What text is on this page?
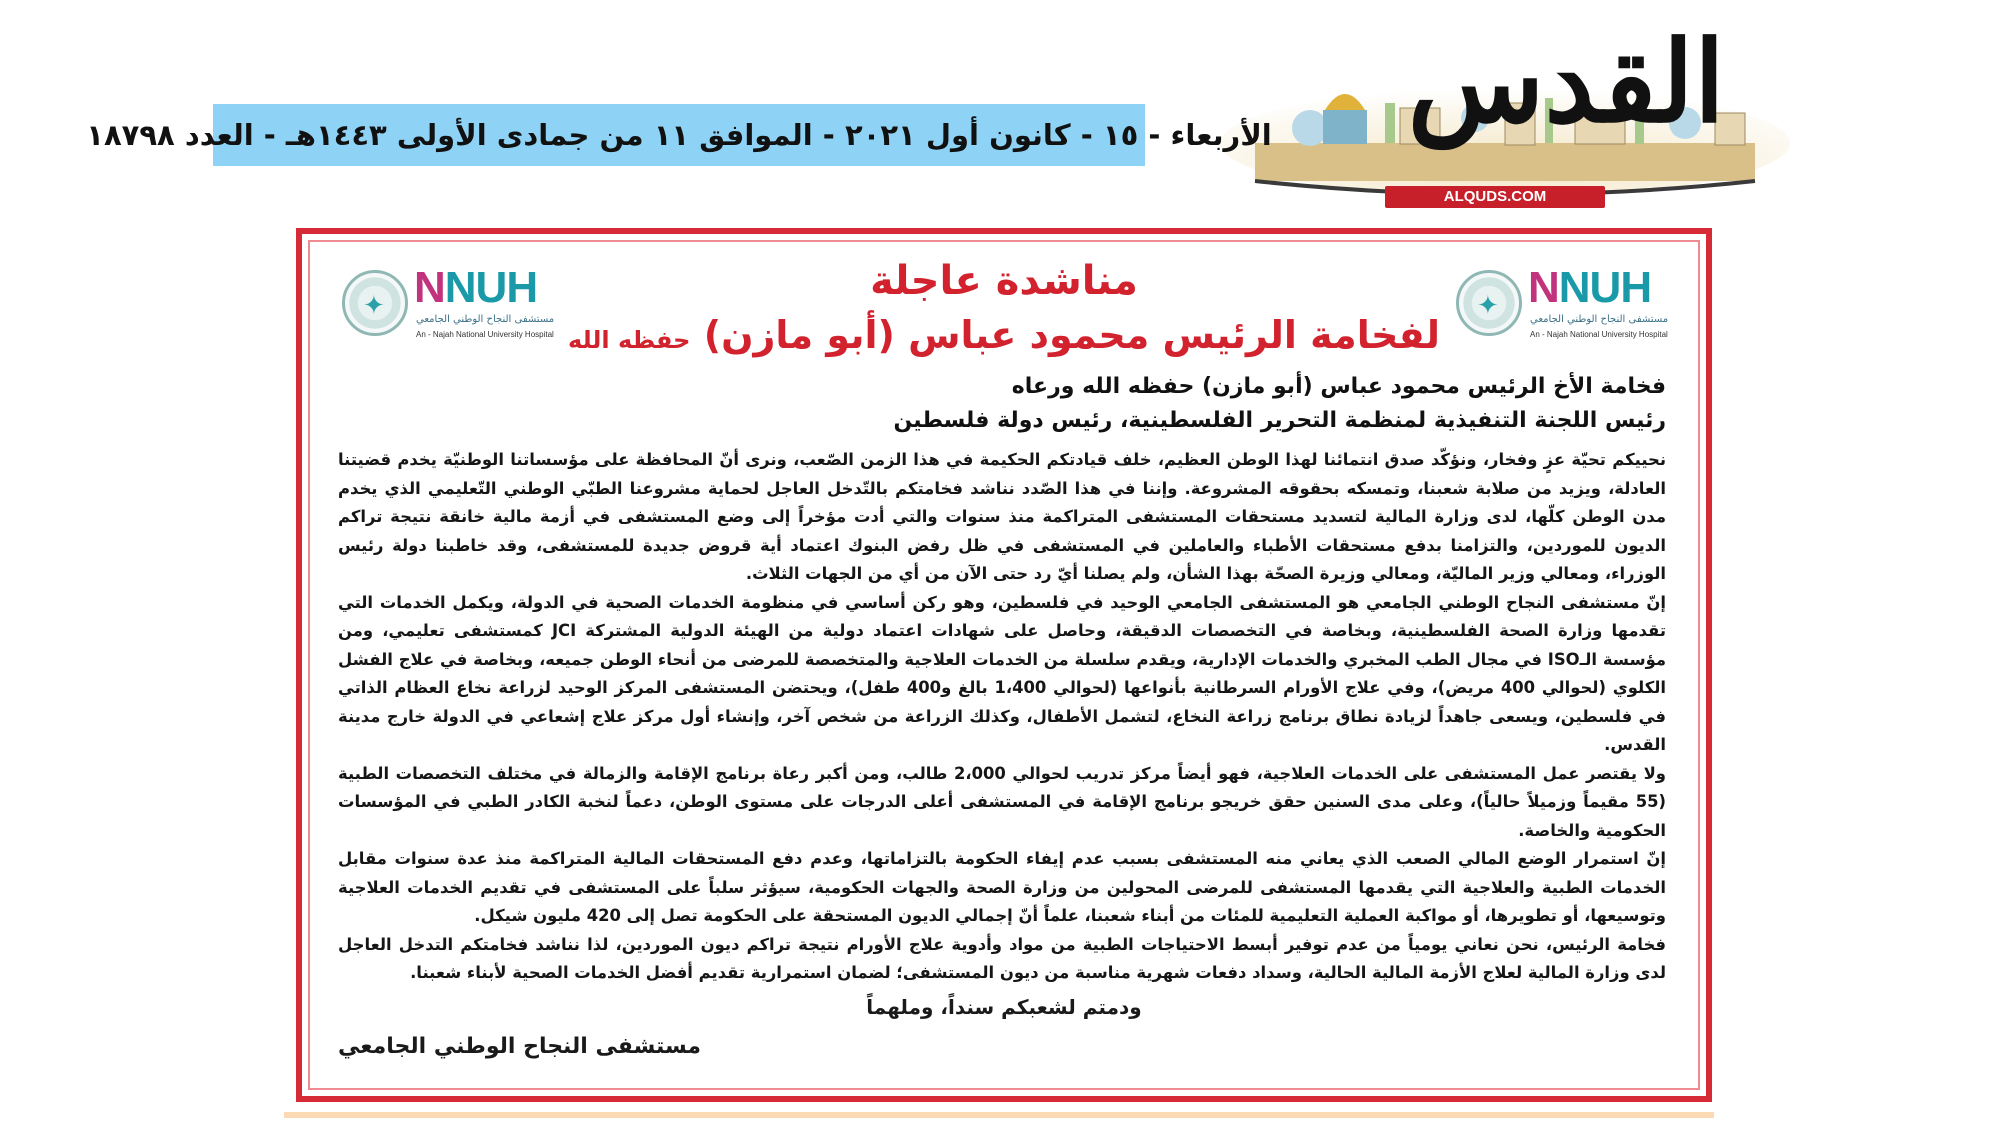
القدس
ALQUDS.COM
الأربعاء - ١٥ - كانون أول ٢٠٢١ - الموافق ١١ من جمادى الأولى ١٤٤٣هـ - العدد ١٨٧٩٨
✦ NNUH
مستشفى النجاح الوطني الجامعي
An - Najah National University Hospital
✦ NNUH
مستشفى النجاح الوطني الجامعي
An - Najah National University Hospital
مناشدة عاجلة
لفخامة الرئيس محمود عباس (أبو مازن) حفظه الله
فخامة الأخ الرئيس محمود عباس (أبو مازن) حفظه الله ورعاه
رئيس اللجنة التنفيذية لمنظمة التحرير الفلسطينية، رئيس دولة فلسطين

نحييكم تحيّة عزٍ وفخار، ونؤكّد صدق انتمائنا لهذا الوطن العظيم، خلف قيادتكم الحكيمة في هذا الزمن الصّعب، ونرى أنّ المحافظة على مؤسساتنا الوطنيّة يخدم قضيتنا العادلة، ويزيد من صلابة شعبنا، وتمسكه بحقوقه المشروعة. وإننا في هذا الصّدد نناشد فخامتكم بالتّدخل العاجل لحماية مشروعنا الطبّي الوطني التّعليمي الذي يخدم مدن الوطن كلّها، لدى وزارة المالية لتسديد مستحقات المستشفى المتراكمة منذ سنوات والتي أدت مؤخراً إلى وضع المستشفى في أزمة مالية خانقة نتيجة تراكم الديون للموردين، والتزامنا بدفع مستحقات الأطباء والعاملين في المستشفى في ظل رفض البنوك اعتماد أية قروض جديدة للمستشفى، وقد خاطبنا دولة رئيس الوزراء، ومعالي وزير الماليّة، ومعالي وزيرة الصحّة بهذا الشأن، ولم يصلنا أيّ رد حتى الآن من أي من الجهات الثلاث.

إنّ مستشفى النجاح الوطني الجامعي هو المستشفى الجامعي الوحيد في فلسطين، وهو ركن أساسي في منظومة الخدمات الصحية في الدولة، ويكمل الخدمات التي تقدمها وزارة الصحة الفلسطينية، وبخاصة في التخصصات الدقيقة، وحاصل على شهادات اعتماد دولية من الهيئة الدولية المشتركة JCI كمستشفى تعليمي، ومن مؤسسة الـISO في مجال الطب المخبري والخدمات الإدارية، ويقدم سلسلة من الخدمات العلاجية والمتخصصة للمرضى من أنحاء الوطن جميعه، وبخاصة في علاج الفشل الكلوي (لحوالي 400 مريض)، وفي علاج الأورام السرطانية بأنواعها (لحوالي 1،400 بالغ و400 طفل)، ويحتضن المستشفى المركز الوحيد لزراعة نخاع العظام الذاتي في فلسطين، ويسعى جاهداً لزيادة نطاق برنامج زراعة النخاع، لتشمل الأطفال، وكذلك الزراعة من شخص آخر، وإنشاء أول مركز علاج إشعاعي في الدولة خارج مدينة القدس.

ولا يقتصر عمل المستشفى على الخدمات العلاجية، فهو أيضاً مركز تدريب لحوالي 2،000 طالب، ومن أكبر رعاة برنامج الإقامة والزمالة في مختلف التخصصات الطبية (55 مقيماً وزميلاً حالياً)، وعلى مدى السنين حقق خريجو برنامج الإقامة في المستشفى أعلى الدرجات على مستوى الوطن، دعماً لنخبة الكادر الطبي في المؤسسات الحكومية والخاصة.

إنّ استمرار الوضع المالي الصعب الذي يعاني منه المستشفى بسبب عدم إيفاء الحكومة بالتزاماتها، وعدم دفع المستحقات المالية المتراكمة منذ عدة سنوات مقابل الخدمات الطبية والعلاجية التي يقدمها المستشفى للمرضى المحولين من وزارة الصحة والجهات الحكومية، سيؤثر سلباً على المستشفى في تقديم الخدمات العلاجية وتوسيعها، أو تطويرها، أو مواكبة العملية التعليمية للمئات من أبناء شعبنا، علماً أنّ إجمالي الديون المستحقة على الحكومة تصل إلى 420 مليون شيكل.

فخامة الرئيس، نحن نعاني يومياً من عدم توفير أبسط الاحتياجات الطبية من مواد وأدوية علاج الأورام نتيجة تراكم ديون الموردين، لذا نناشد فخامتكم التدخل العاجل لدى وزارة المالية لعلاج الأزمة المالية الحالية، وسداد دفعات شهرية مناسبة من ديون المستشفى؛ لضمان استمرارية تقديم أفضل الخدمات الصحية لأبناء شعبنا.

ودمتم لشعبكم سنداً، وملهماً
مستشفى النجاح الوطني الجامعي
